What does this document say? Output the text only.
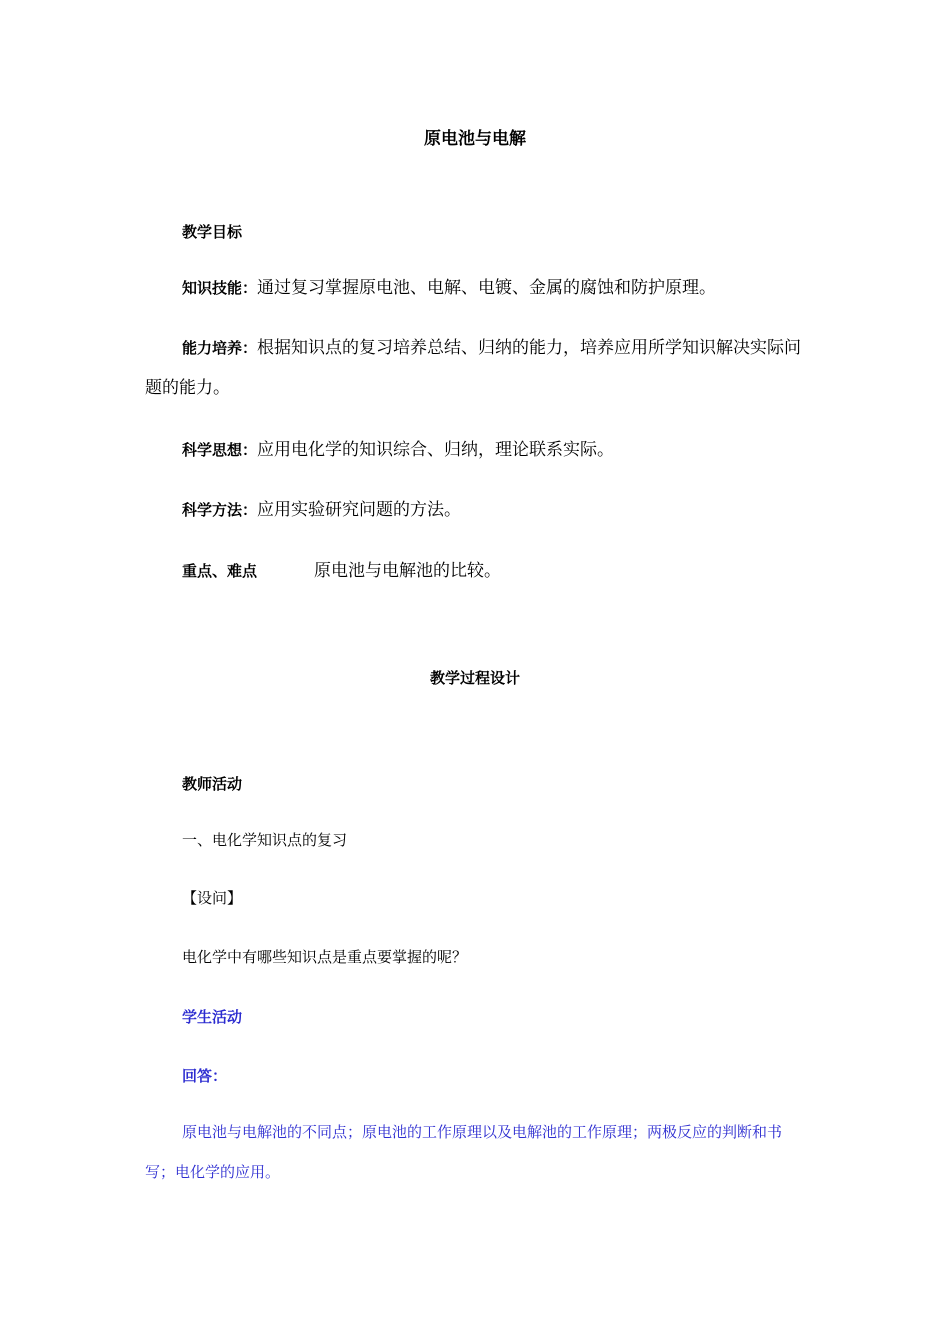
原电池与电解
教学目标

知识技能：通过复习掌握原电池、电解、电镀、金属的腐蚀和防护原理。

能力培养：根据知识点的复习培养总结、归纳的能力，培养应用所学知识解决实际问题的能力。

科学思想：应用电化学的知识综合、归纳，理论联系实际。

科学方法：应用实验研究问题的方法。

重点、难点	原电池与电解池的比较。
教学过程设计
教师活动

一、电化学知识点的复习

【设问】

电化学中有哪些知识点是重点要掌握的呢？

学生活动
回答：

原电池与电解池的不同点；原电池的工作原理以及电解池的工作原理；两极反应的判断和书写；电化学的应用。
